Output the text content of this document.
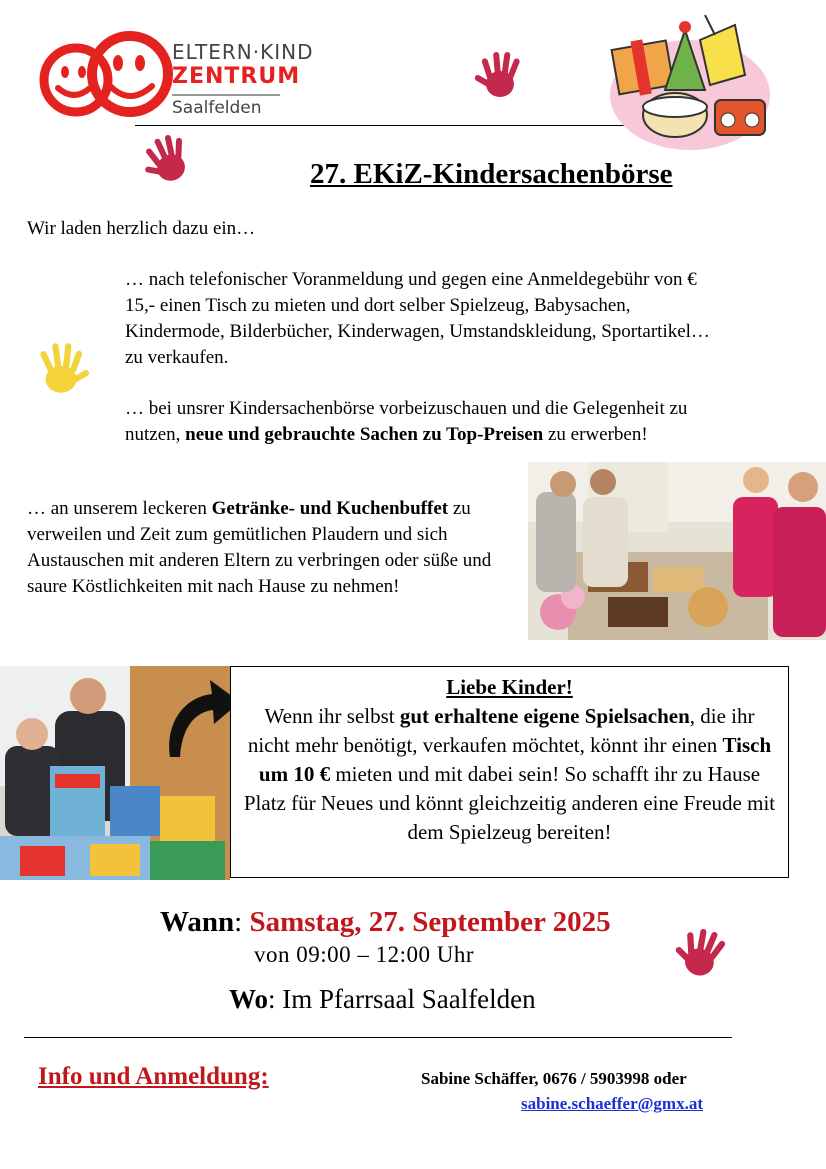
ELTERN·KIND
ZENTRUM
Saalfelden
27. EKiZ-Kindersachenbörse
Wir laden herzlich dazu ein…
… nach telefonischer Voranmeldung und gegen eine Anmeldegebühr von € 15,- einen Tisch zu mieten und dort selber Spielzeug, Babysachen, Kindermode, Bilderbücher, Kinderwagen, Umstandskleidung, Sportartikel… zu verkaufen.
… bei unsrer Kindersachenbörse vorbeizuschauen und die Gelegenheit zu nutzen, neue und gebrauchte Sachen zu Top-Preisen zu erwerben!
… an unserem leckeren Getränke- und Kuchenbuffet zu verweilen und Zeit zum gemütlichen Plaudern und sich Austauschen mit anderen Eltern zu verbringen oder süße und saure Köstlichkeiten mit nach Hause zu nehmen!
Liebe Kinder!
Wenn ihr selbst gut erhaltene eigene Spielsachen, die ihr nicht mehr benötigt, verkaufen möchtet, könnt ihr einen Tisch um 10 € mieten und mit dabei sein! So schafft ihr zu Hause Platz für Neues und könnt gleichzeitig anderen eine Freude mit dem Spielzeug bereiten!
Wann: Samstag, 27. September 2025
von 09:00 – 12:00 Uhr
Wo: Im Pfarrsaal Saalfelden
Info und Anmeldung:	Sabine Schäffer, 0676 / 5903998 oder
sabine.schaeffer@gmx.at
